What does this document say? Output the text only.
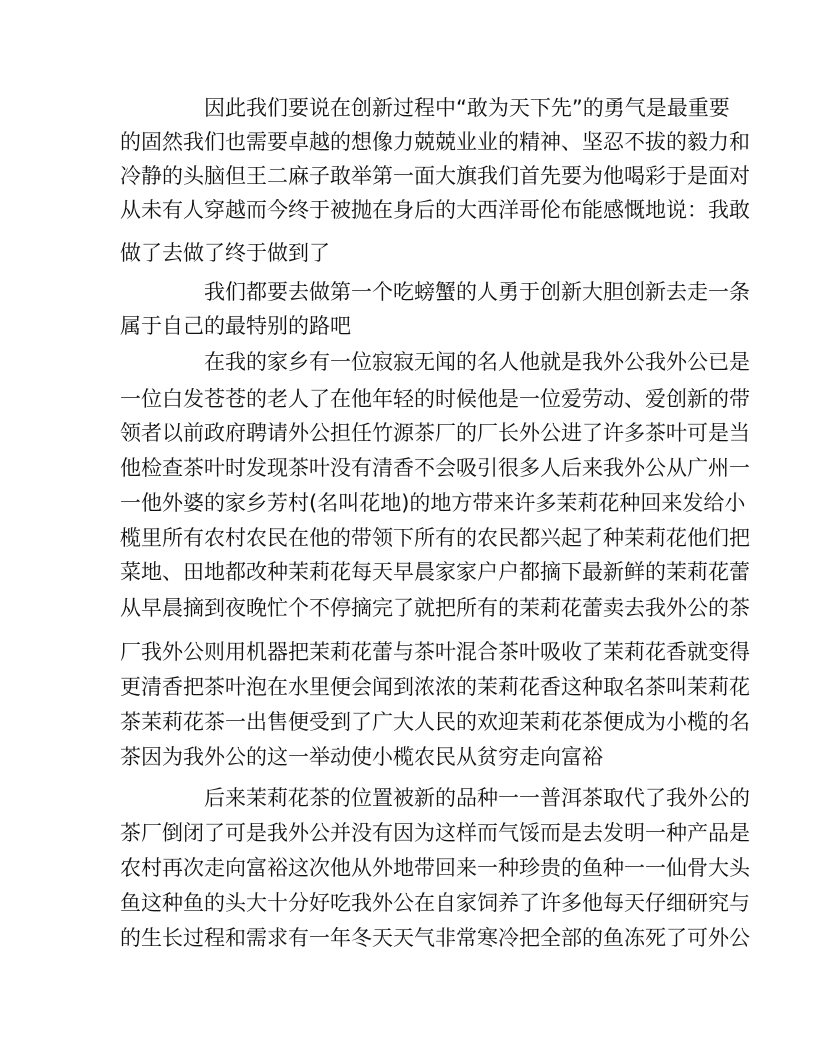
因此我们要说在创新过程中“敢为天下先”的勇气是最重要
的固然我们也需要卓越的想像力兢兢业业的精神、坚忍不拔的毅力和
冷静的头脑但王二麻子敢举第一面大旗我们首先要为他喝彩于是面对
从未有人穿越而今终于被抛在身后的大西洋哥伦布能感慨地说：我敢
做了去做了终于做到了
我们都要去做第一个吃螃蟹的人勇于创新大胆创新去走一条
属于自己的最特别的路吧
在我的家乡有一位寂寂无闻的名人他就是我外公我外公已是
一位白发苍苍的老人了在他年轻的时候他是一位爱劳动、爱创新的带
领者以前政府聘请外公担任竹源茶厂的厂长外公进了许多茶叶可是当
他检查茶叶时发现茶叶没有清香不会吸引很多人后来我外公从广州一
一他外婆的家乡芳村(名叫花地)的地方带来许多茉莉花种回来发给小
榄里所有农村农民在他的带领下所有的农民都兴起了种茉莉花他们把
菜地、田地都改种茉莉花每天早晨家家户户都摘下最新鲜的茉莉花蕾
从早晨摘到夜晚忙个不停摘完了就把所有的茉莉花蕾卖去我外公的茶
厂我外公则用机器把茉莉花蕾与茶叶混合茶叶吸收了茉莉花香就变得
更清香把茶叶泡在水里便会闻到浓浓的茉莉花香这种取名茶叫茉莉花
茶茉莉花茶一出售便受到了广大人民的欢迎茉莉花茶便成为小榄的名
茶因为我外公的这一举动使小榄农民从贫穷走向富裕
后来茉莉花茶的位置被新的品种一一普洱茶取代了我外公的
茶厂倒闭了可是我外公并没有因为这样而气馁而是去发明一种产品是
农村再次走向富裕这次他从外地带回来一种珍贵的鱼种一一仙骨大头
鱼这种鱼的头大十分好吃我外公在自家饲养了许多他每天仔细研究与
的生长过程和需求有一年冬天天气非常寒冷把全部的鱼冻死了可外公
